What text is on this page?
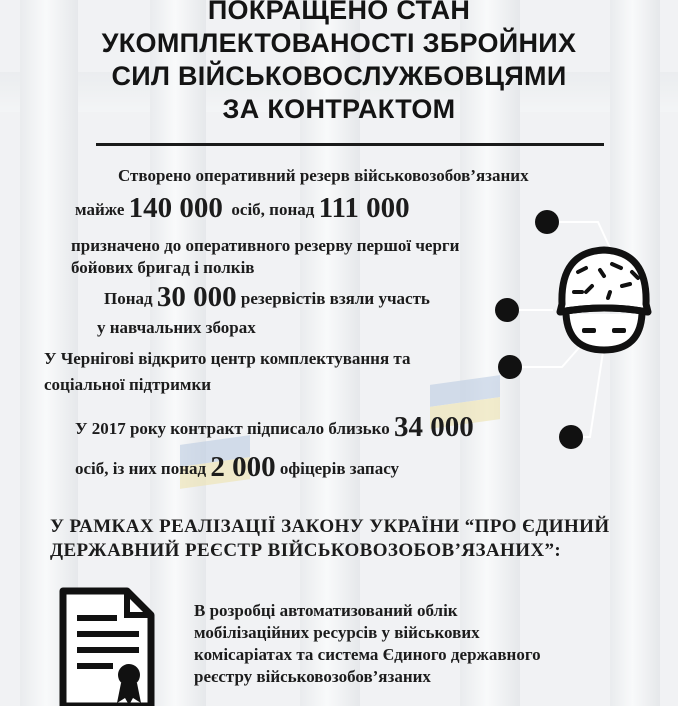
ПОКРАЩЕНО СТАН
УКОМПЛЕКТОВАНОСТІ ЗБРОЙНИХ
СИЛ ВІЙСЬКОВОСЛУЖБОВЦЯМИ
ЗА КОНТРАКТОМ
Створено оперативний резерв військовозобов’язаних
майже 140 000  осіб, понад 111 000
призначено до оперативного резерву першої черги
бойових бригад і полків
Понад 30 000 резервістів взяли участь
у навчальних зборах
У Чернігові відкрито центр комплектування та
соціальної підтримки
У 2017 року контракт підписало близько 34 000
осіб, із них понад 2 000 офіцерів запасу
У РАМКАХ РЕАЛІЗАЦІЇ ЗАКОНУ УКРАЇНИ “ПРО ЄДИНИЙ
ДЕРЖАВНИЙ РЕЄСТР ВІЙСЬКОВОЗОБОВ’ЯЗАНИХ”:
В розробці автоматизований облік
мобілізаційних ресурсів у військових
комісаріатах та система Єдиного державного
реєстру військовозобов’язаних
